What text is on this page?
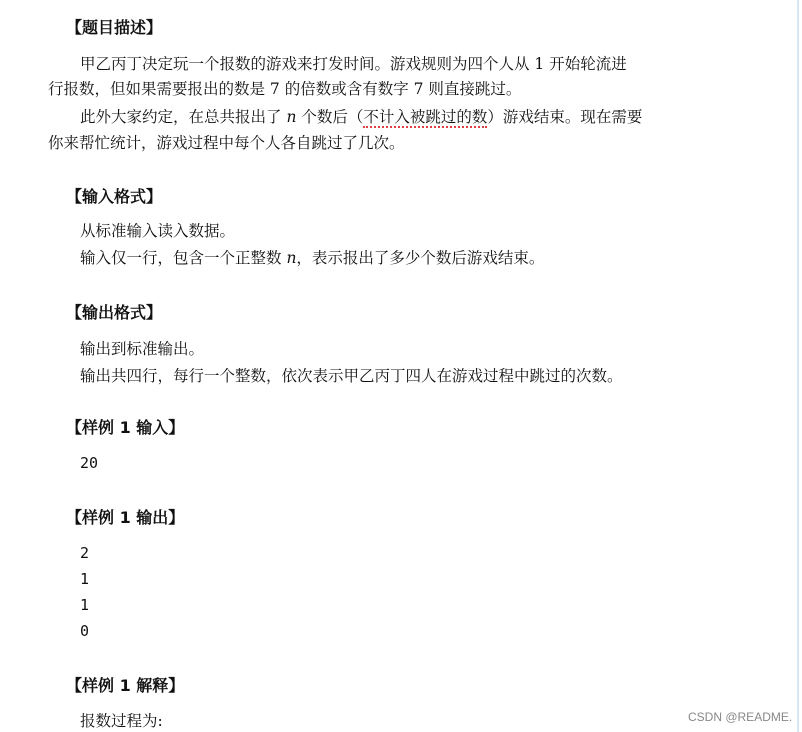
【题目描述】
甲乙丙丁决定玩一个报数的游戏来打发时间。游戏规则为四个人从 1 开始轮流进
行报数，但如果需要报出的数是 7 的倍数或含有数字 7 则直接跳过。
此外大家约定，在总共报出了 n 个数后（不计入被跳过的数）游戏结束。现在需要
你来帮忙统计，游戏过程中每个人各自跳过了几次。
【输入格式】
从标准输入读入数据。
输入仅一行，包含一个正整数 n，表示报出了多少个数后游戏结束。
【输出格式】
输出到标准输出。
输出共四行，每行一个整数，依次表示甲乙丙丁四人在游戏过程中跳过的次数。
【样例 1 输入】
20
【样例 1 输出】
2
1
1
0
【样例 1 解释】
报数过程为:	CSDN @README.
